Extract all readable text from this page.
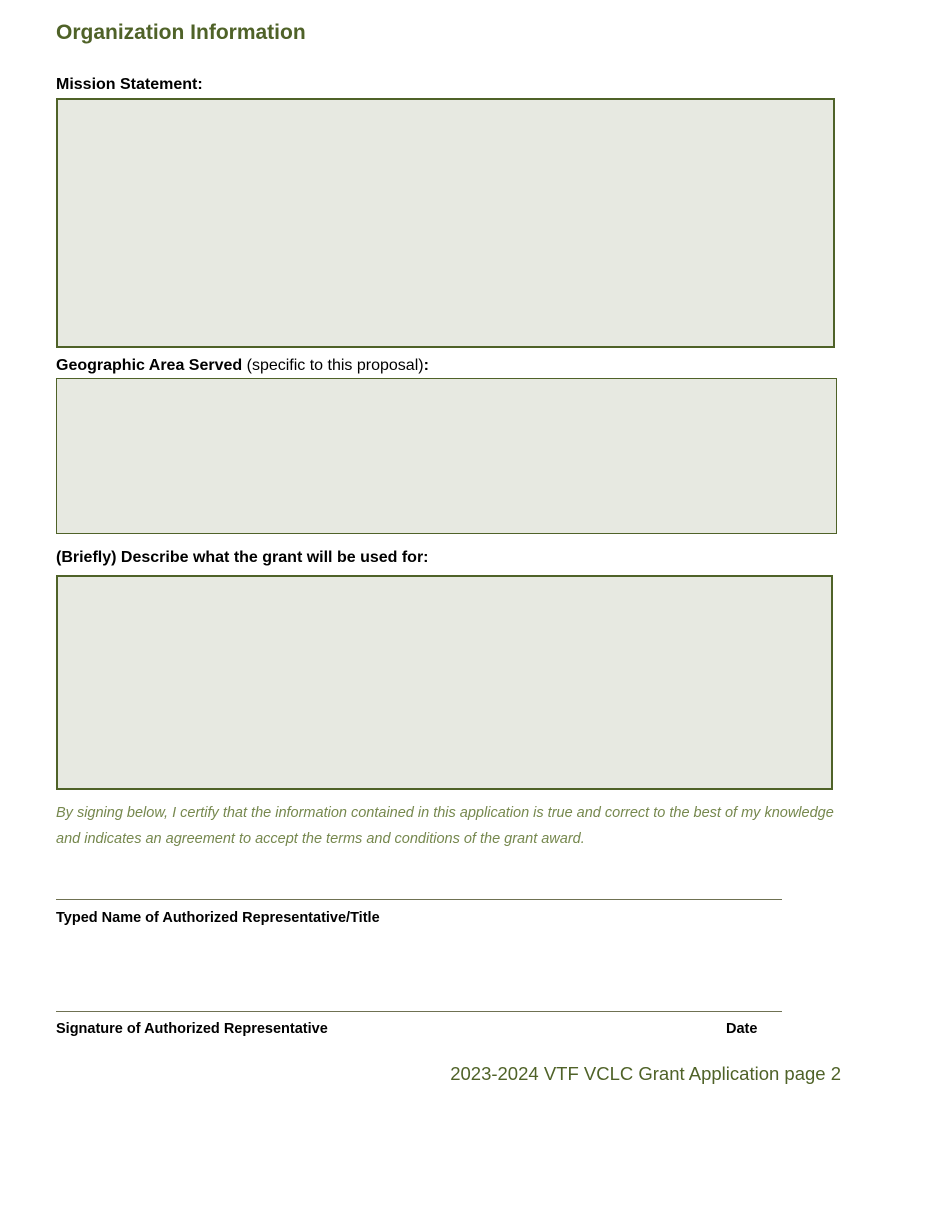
Organization Information
Mission Statement:
Geographic Area Served (specific to this proposal):
(Briefly) Describe what the grant will be used for:
By signing below, I certify that the information contained in this application is true and correct to the best of my knowledge and indicates an agreement to accept the terms and conditions of the grant award.
Typed Name of Authorized Representative/Title
Signature of Authorized Representative	Date
2023-2024 VTF VCLC Grant Application page 2
